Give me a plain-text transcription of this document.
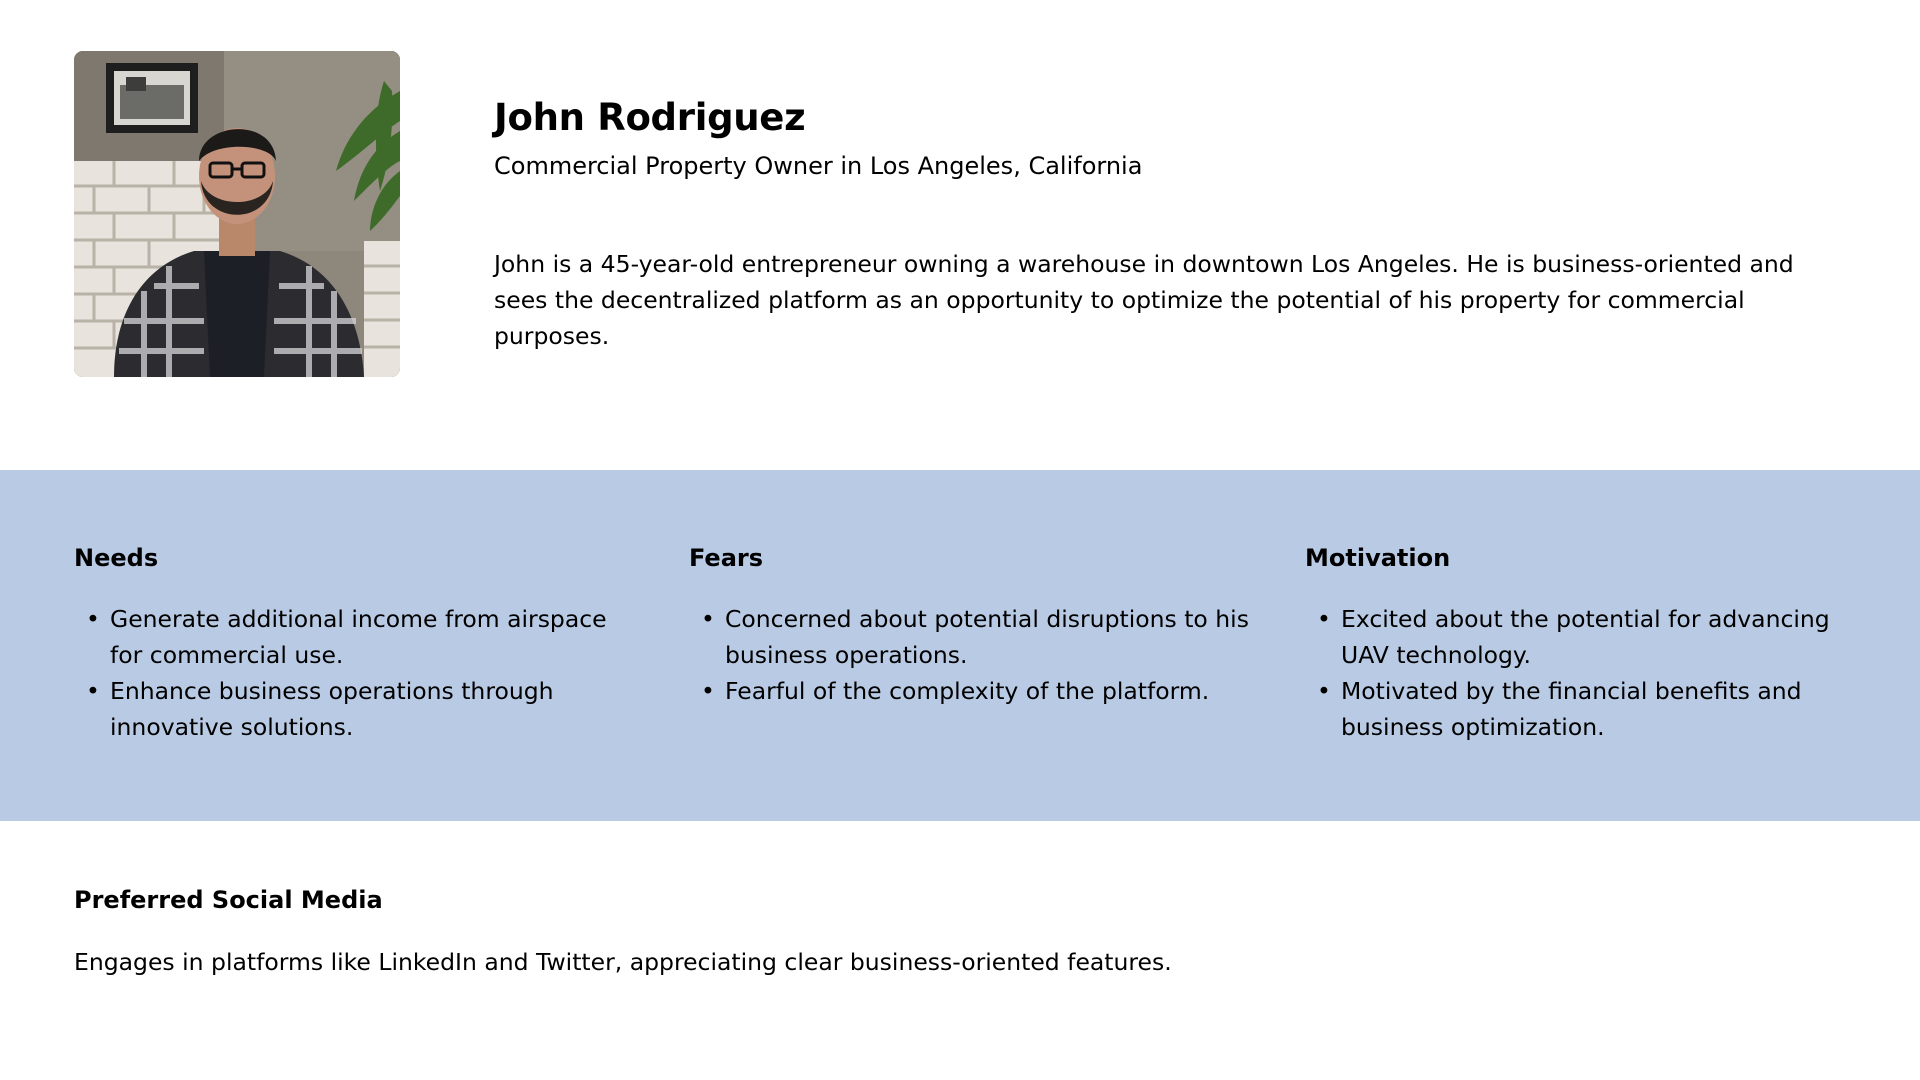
John Rodriguez
Commercial Property Owner in Los Angeles, California

John is a 45-year-old entrepreneur owning a warehouse in downtown Los Angeles. He is business-oriented and sees the decentralized platform as an opportunity to optimize the potential of his property for commercial purposes.

Needs
• Generate additional income from airspace for commercial use.
• Enhance business operations through innovative solutions.
Fears
• Concerned about potential disruptions to his business operations.
• Fearful of the complexity of the platform.
Motivation
• Excited about the potential for advancing UAV technology.
• Motivated by the financial benefits and business optimization.
Preferred Social Media

Engages in platforms like LinkedIn and Twitter, appreciating clear business-oriented features.
